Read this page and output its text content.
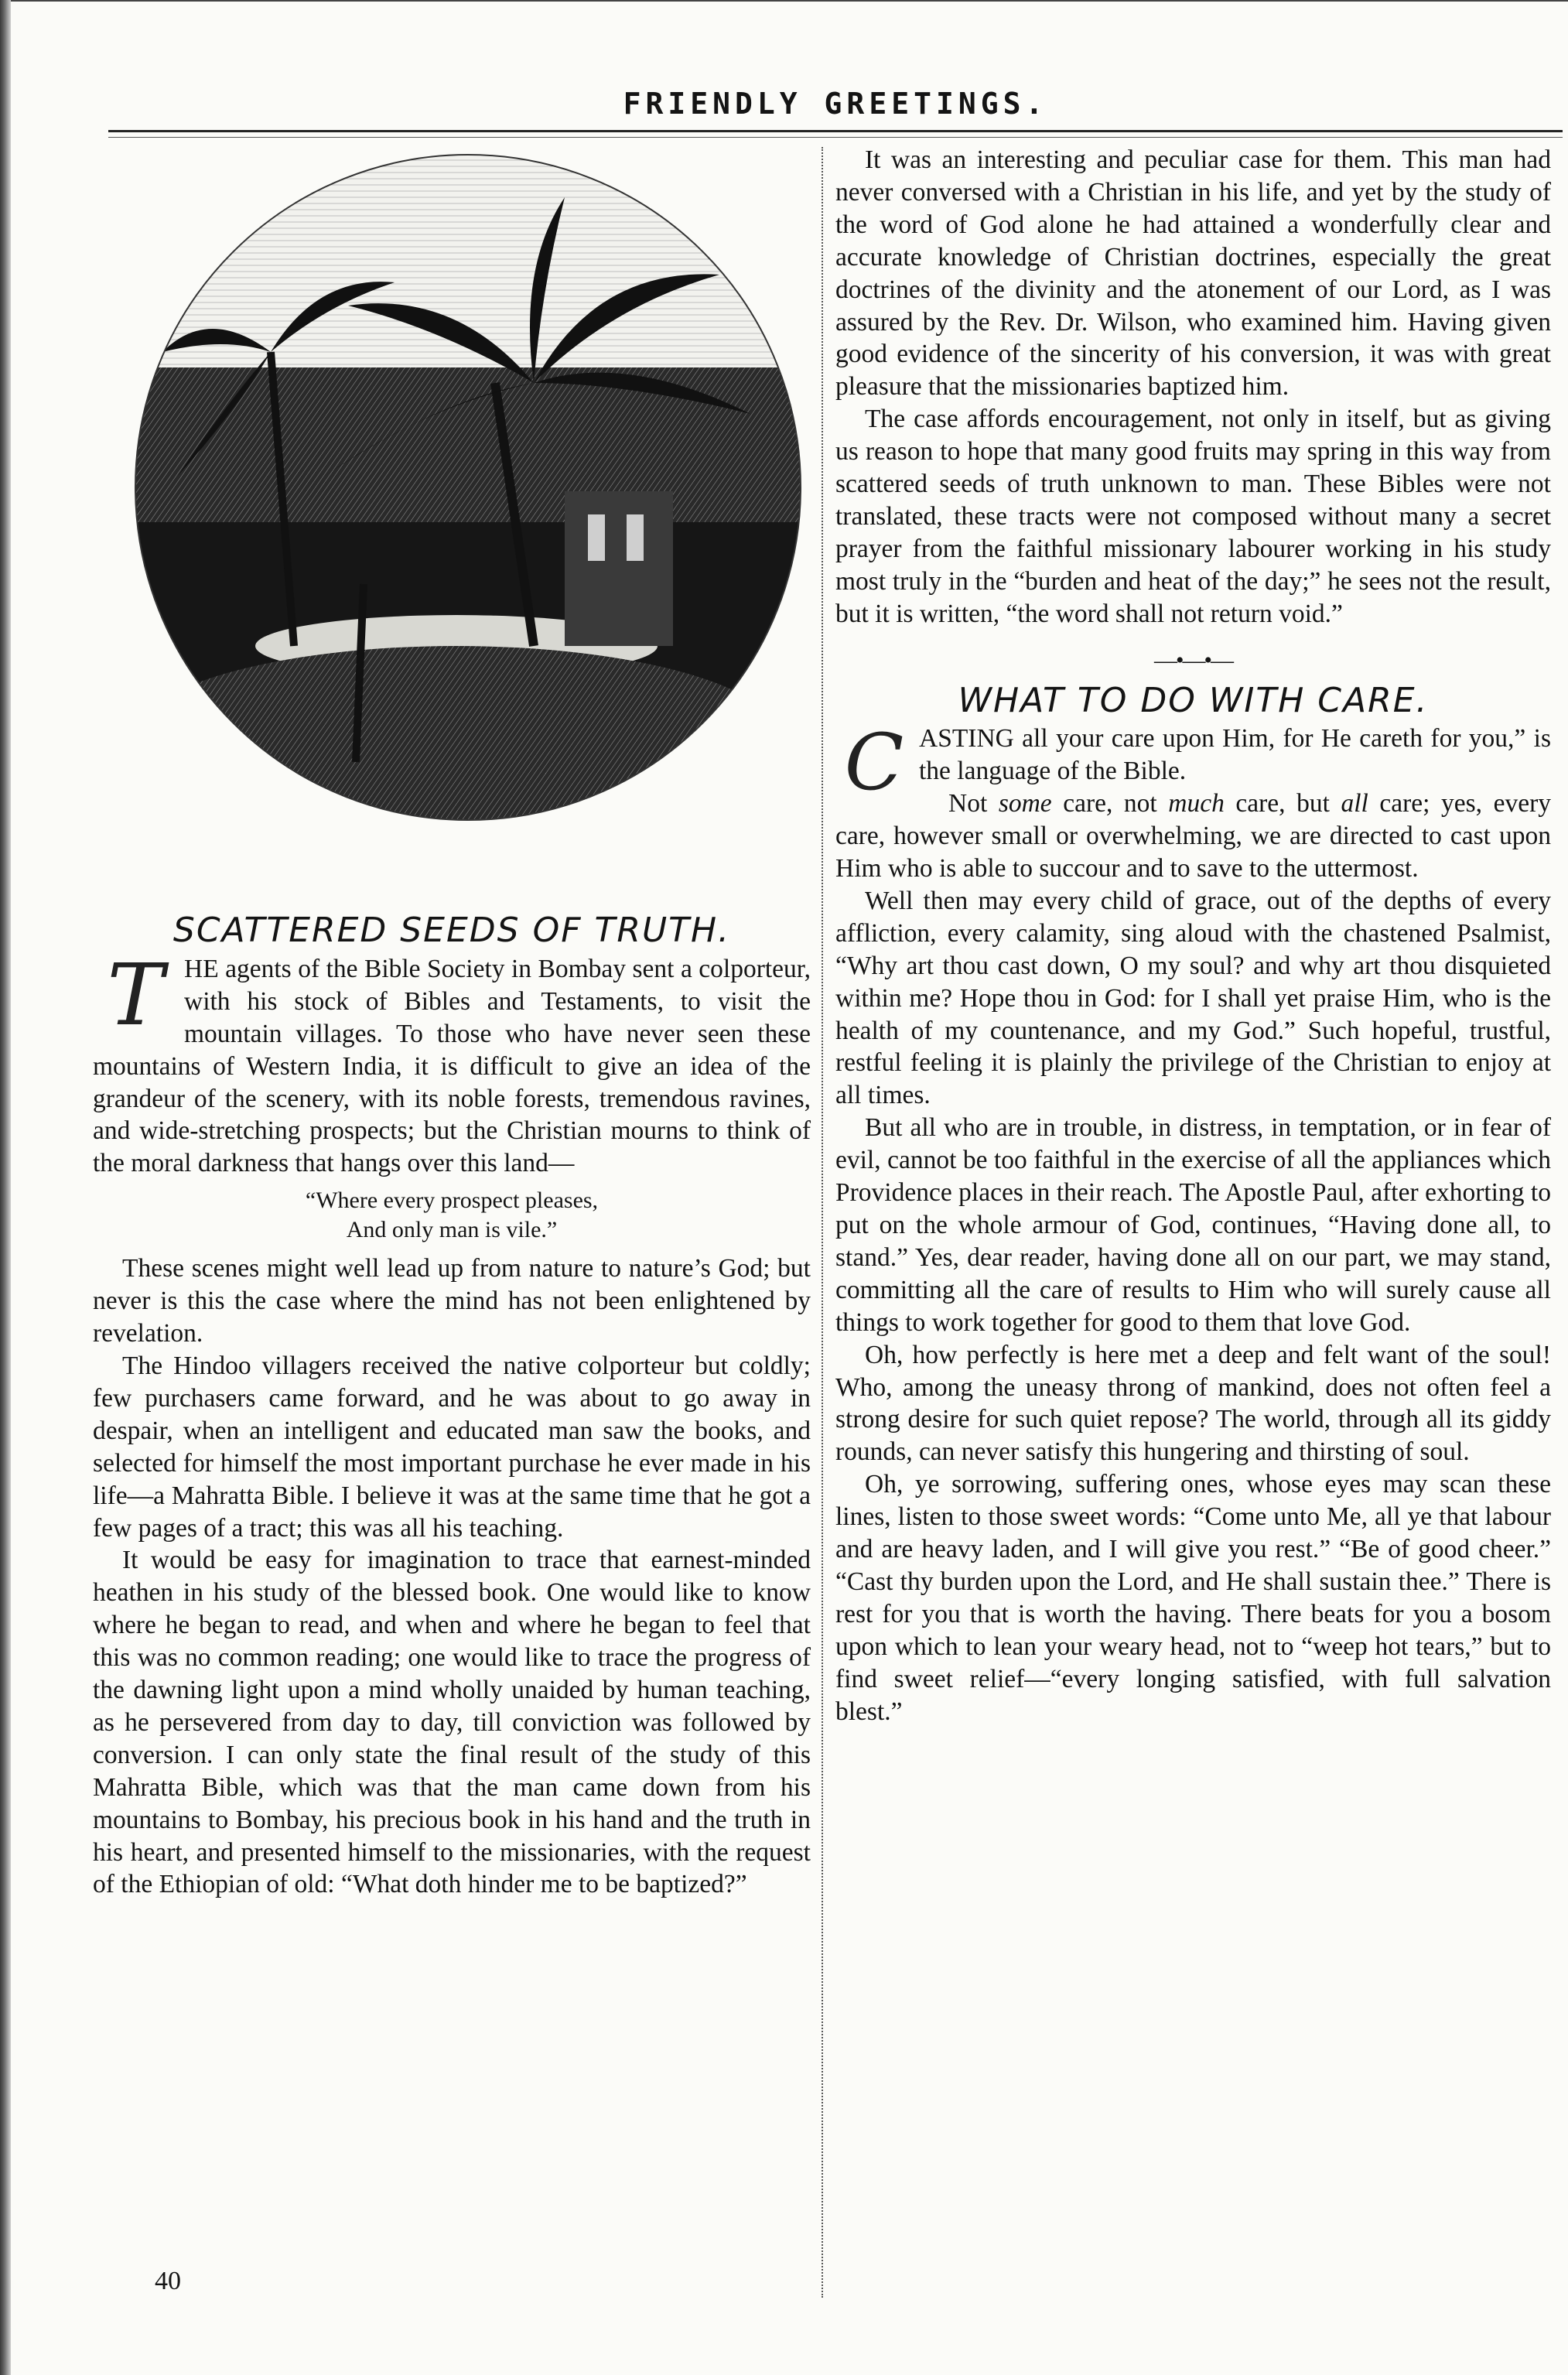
FRIENDLY GREETINGS.
SCATTERED SEEDS OF TRUTH.

THE agents of the Bible Society in Bombay sent a colporteur, with his stock of Bibles and Testaments, to visit the mountain villages. To those who have never seen these mountains of Western India, it is difficult to give an idea of the grandeur of the scenery, with its noble forests, tremendous ravines, and wide-stretching prospects; but the Christian mourns to think of the moral darkness that hangs over this land—

“Where every prospect pleases,
And only man is vile.”

These scenes might well lead up from nature to nature’s God; but never is this the case where the mind has not been enlightened by revelation.

The Hindoo villagers received the native colporteur but coldly; few purchasers came forward, and he was about to go away in despair, when an intelligent and educated man saw the books, and selected for himself the most important purchase he ever made in his life—a Mahratta Bible. I believe it was at the same time that he got a few pages of a tract; this was all his teaching.

It would be easy for imagination to trace that earnest-minded heathen in his study of the blessed book. One would like to know where he began to read, and when and where he began to feel that this was no common reading; one would like to trace the progress of the dawning light upon a mind wholly unaided by human teaching, as he persevered from day to day, till conviction was followed by conversion. I can only state the final result of the study of this Mahratta Bible, which was that the man came down from his mountains to Bombay, his precious book in his hand and the truth in his heart, and presented himself to the missionaries, with the request of the Ethiopian of old: “What doth hinder me to be baptized?”

40

It was an interesting and peculiar case for them. This man had never conversed with a Christian in his life, and yet by the study of the word of God alone he had attained a wonderfully clear and accurate knowledge of Christian doctrines, especially the great doctrines of the divinity and the atonement of our Lord, as I was assured by the Rev. Dr. Wilson, who examined him. Having given good evidence of the sincerity of his conversion, it was with great pleasure that the missionaries baptized him.

The case affords encouragement, not only in itself, but as giving us reason to hope that many good fruits may spring in this way from scattered seeds of truth unknown to man. These Bibles were not translated, these tracts were not composed without many a secret prayer from the faithful missionary labourer working in his study most truly in the “burden and heat of the day;” he sees not the result, but it is written, “the word shall not return void.”

—•—•—
WHAT TO DO WITH CARE.

CASTING all your care upon Him, for He careth for you,” is the language of the Bible.

Not some care, not much care, but all care; yes, every care, however small or overwhelming, we are directed to cast upon Him who is able to succour and to save to the uttermost.

Well then may every child of grace, out of the depths of every affliction, every calamity, sing aloud with the chastened Psalmist, “Why art thou cast down, O my soul? and why art thou disquieted within me? Hope thou in God: for I shall yet praise Him, who is the health of my countenance, and my God.” Such hopeful, trustful, restful feeling it is plainly the privilege of the Christian to enjoy at all times.

But all who are in trouble, in distress, in temptation, or in fear of evil, cannot be too faithful in the exercise of all the appliances which Providence places in their reach. The Apostle Paul, after exhorting to put on the whole armour of God, continues, “Having done all, to stand.” Yes, dear reader, having done all on our part, we may stand, committing all the care of results to Him who will surely cause all things to work together for good to them that love God.

Oh, how perfectly is here met a deep and felt want of the soul! Who, among the uneasy throng of mankind, does not often feel a strong desire for such quiet repose? The world, through all its giddy rounds, can never satisfy this hungering and thirsting of soul.

Oh, ye sorrowing, suffering ones, whose eyes may scan these lines, listen to those sweet words: “Come unto Me, all ye that labour and are heavy laden, and I will give you rest.” “Be of good cheer.” “Cast thy burden upon the Lord, and He shall sustain thee.” There is rest for you that is worth the having. There beats for you a bosom upon which to lean your weary head, not to “weep hot tears,” but to find sweet relief—“every longing satisfied, with full salvation blest.”
